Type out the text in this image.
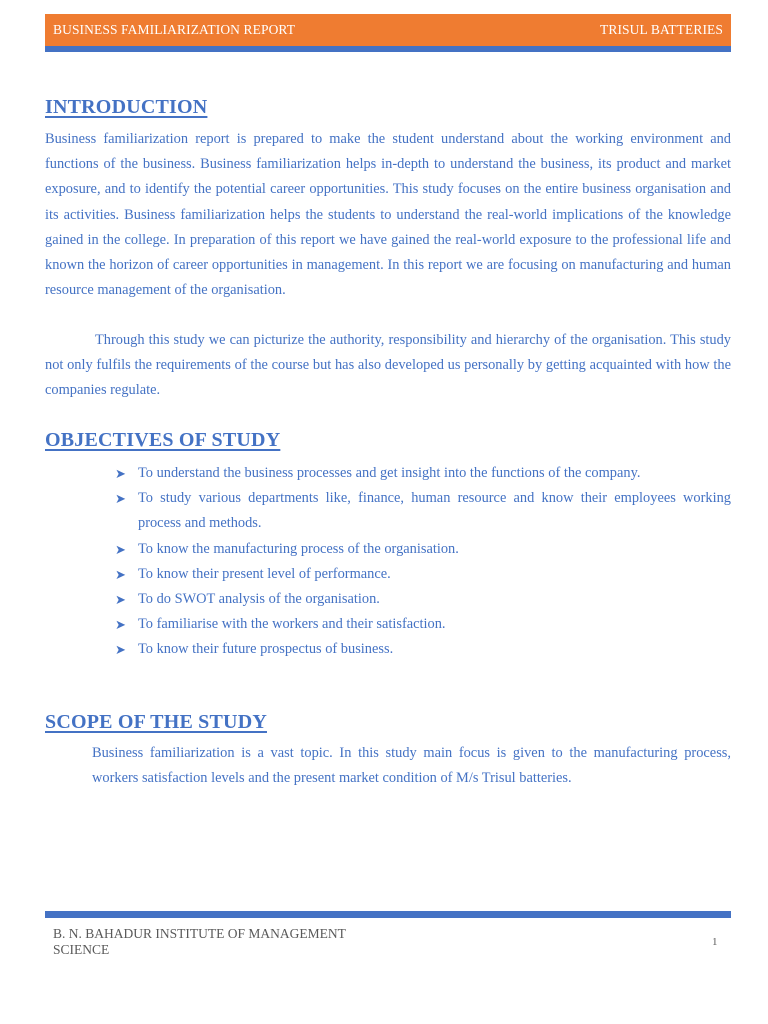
BUSINESS FAMILIARIZATION REPORT	TRISUL BATTERIES
INTRODUCTION

Business familiarization report is prepared to make the student understand about the working environment and functions of the business. Business familiarization helps in-depth to understand the business, its product and market exposure, and to identify the potential career opportunities. This study focuses on the entire business organisation and its activities. Business familiarization helps the students to understand the real-world implications of the knowledge gained in the college. In preparation of this report we have gained the real-world exposure to the professional life and known the horizon of career opportunities in management. In this report we are focusing on manufacturing and human resource management of the organisation.

Through this study we can picturize the authority, responsibility and hierarchy of the organisation. This study not only fulfils the requirements of the course but has also developed us personally by getting acquainted with how the companies regulate.

OBJECTIVES OF STUDY
➤ To understand the business processes and get insight into the functions of the company.
➤ To study various departments like, finance, human resource and know their employees working process and methods.
➤ To know the manufacturing process of the organisation.
➤ To know their present level of performance.
➤ To do SWOT analysis of the organisation.
➤ To familiarise with the workers and their satisfaction.
➤ To know their future prospectus of business.
SCOPE OF THE STUDY

Business familiarization is a vast topic. In this study main focus is given to the manufacturing process, workers satisfaction levels and the present market condition of M/s Trisul batteries.

B. N. BAHADUR INSTITUTE OF MANAGEMENT SCIENCE	1
